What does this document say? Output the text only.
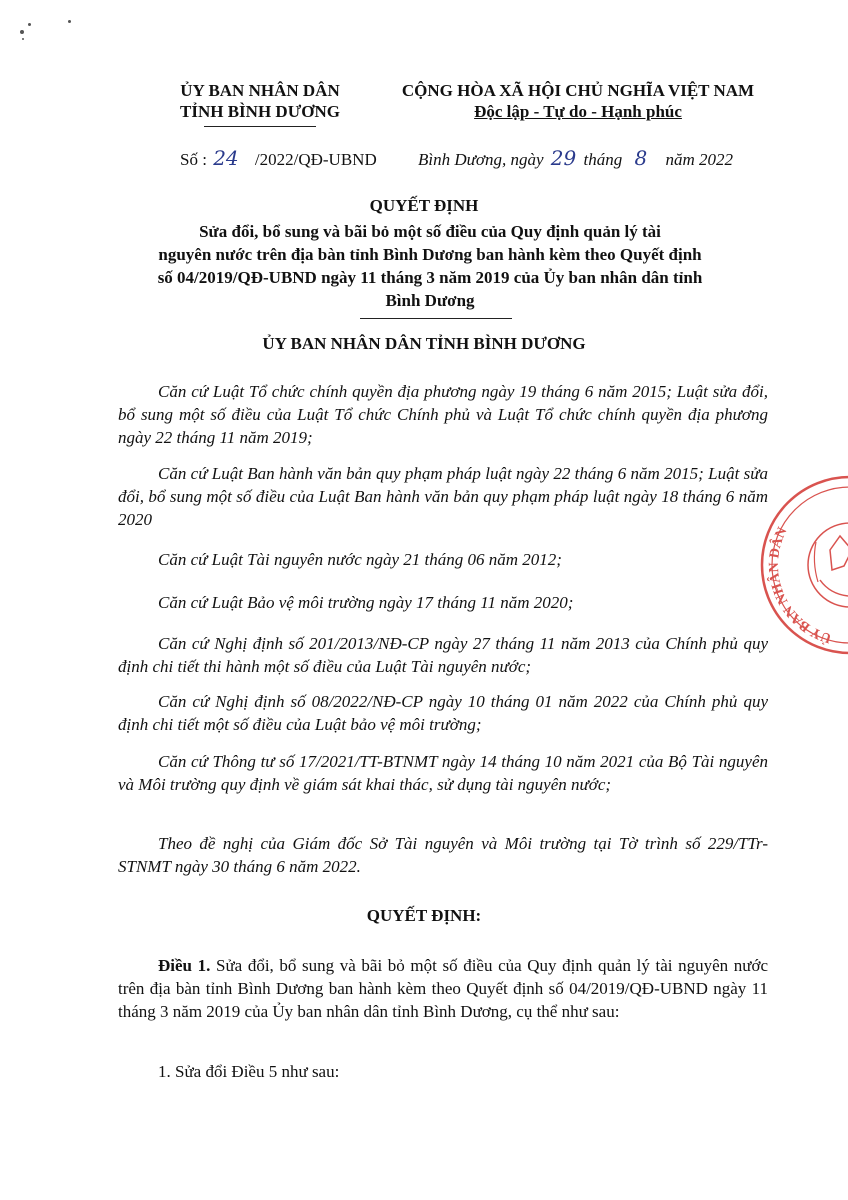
ỦY BAN NHÂN DÂN
TỈNH BÌNH DƯƠNG
CỘNG HÒA XÃ HỘI CHỦ NGHĨA VIỆT NAM
Độc lập - Tự do - Hạnh phúc
Số : 24 /2022/QĐ-UBND Bình Dương, ngày 29 tháng 8 năm 2022
QUYẾT ĐỊNH
Sửa đổi, bổ sung và bãi bỏ một số điều của Quy định quản lý tài
nguyên nước trên địa bàn tỉnh Bình Dương ban hành kèm theo Quyết định
số 04/2019/QĐ-UBND ngày 11 tháng 3 năm 2019 của Ủy ban nhân dân tỉnh
Bình Dương
ỦY BAN NHÂN DÂN TỈNH BÌNH DƯƠNG

Căn cứ Luật Tổ chức chính quyền địa phương ngày 19 tháng 6 năm 2015; Luật sửa đổi, bổ sung một số điều của Luật Tổ chức Chính phủ và Luật Tổ chức chính quyền địa phương ngày 22 tháng 11 năm 2019;

Căn cứ Luật Ban hành văn bản quy phạm pháp luật ngày 22 tháng 6 năm 2015; Luật sửa đổi, bổ sung một số điều của Luật Ban hành văn bản quy phạm pháp luật ngày 18 tháng 6 năm 2020

Căn cứ Luật Tài nguyên nước ngày 21 tháng 06 năm 2012;

Căn cứ Luật Bảo vệ môi trường ngày 17 tháng 11 năm 2020;

Căn cứ Nghị định số 201/2013/NĐ-CP ngày 27 tháng 11 năm 2013 của Chính phủ quy định chi tiết thi hành một số điều của Luật Tài nguyên nước;

Căn cứ Nghị định số 08/2022/NĐ-CP ngày 10 tháng 01 năm 2022 của Chính phủ quy định chi tiết một số điều của Luật bảo vệ môi trường;

Căn cứ Thông tư số 17/2021/TT-BTNMT ngày 14 tháng 10 năm 2021 của Bộ Tài nguyên và Môi trường quy định về giám sát khai thác, sử dụng tài nguyên nước;

Theo đề nghị của Giám đốc Sở Tài nguyên và Môi trường tại Tờ trình số 229/TTr-STNMT ngày 30 tháng 6 năm 2022.

QUYẾT ĐỊNH:

Điều 1. Sửa đổi, bổ sung và bãi bỏ một số điều của Quy định quản lý tài nguyên nước trên địa bàn tỉnh Bình Dương ban hành kèm theo Quyết định số 04/2019/QĐ-UBND ngày 11 tháng 3 năm 2019 của Ủy ban nhân dân tỉnh Bình Dương, cụ thể như sau:

1. Sửa đổi Điều 5 như sau:

ỦY BAN NHÂN DÂN
